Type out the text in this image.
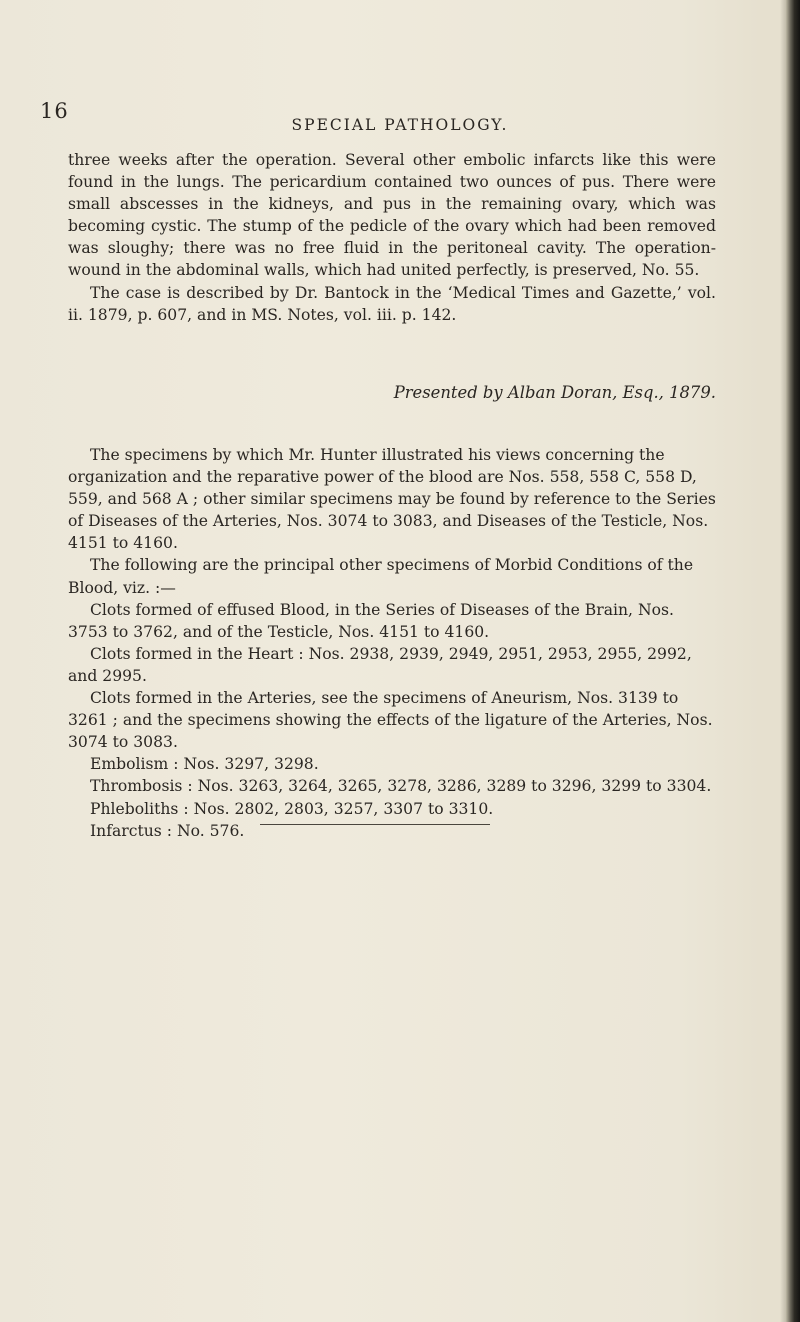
16
SPECIAL PATHOLOGY.

three weeks after the operation. Several other embolic infarcts like this were found in the lungs. The pericardium contained two ounces of pus. There were small abscesses in the kidneys, and pus in the remaining ovary, which was becoming cystic. The stump of the pedicle of the ovary which had been removed was sloughy; there was no free fluid in the peritoneal cavity. The operation-wound in the abdominal walls, which had united perfectly, is preserved, No. 55.

The case is described by Dr. Bantock in the ‘Medical Times and Gazette,’ vol. ii. 1879, p. 607, and in MS. Notes, vol. iii. p. 142.

Presented by Alban Doran, Esq., 1879.

The specimens by which Mr. Hunter illustrated his views concerning the organization and the reparative power of the blood are Nos. 558, 558 C, 558 D, 559, and 568 A ; other similar specimens may be found by reference to the Series of Diseases of the Arteries, Nos. 3074 to 3083, and Diseases of the Testicle, Nos. 4151 to 4160.

The following are the principal other specimens of Morbid Conditions of the Blood, viz. :—

Clots formed of effused Blood, in the Series of Diseases of the Brain, Nos. 3753 to 3762, and of the Testicle, Nos. 4151 to 4160.

Clots formed in the Heart : Nos. 2938, 2939, 2949, 2951, 2953, 2955, 2992, and 2995.

Clots formed in the Arteries, see the specimens of Aneurism, Nos. 3139 to 3261 ; and the specimens showing the effects of the ligature of the Arteries, Nos. 3074 to 3083.

Embolism : Nos. 3297, 3298.

Thrombosis : Nos. 3263, 3264, 3265, 3278, 3286, 3289 to 3296, 3299 to 3304.

Phleboliths : Nos. 2802, 2803, 3257, 3307 to 3310.

Infarctus : No. 576.
